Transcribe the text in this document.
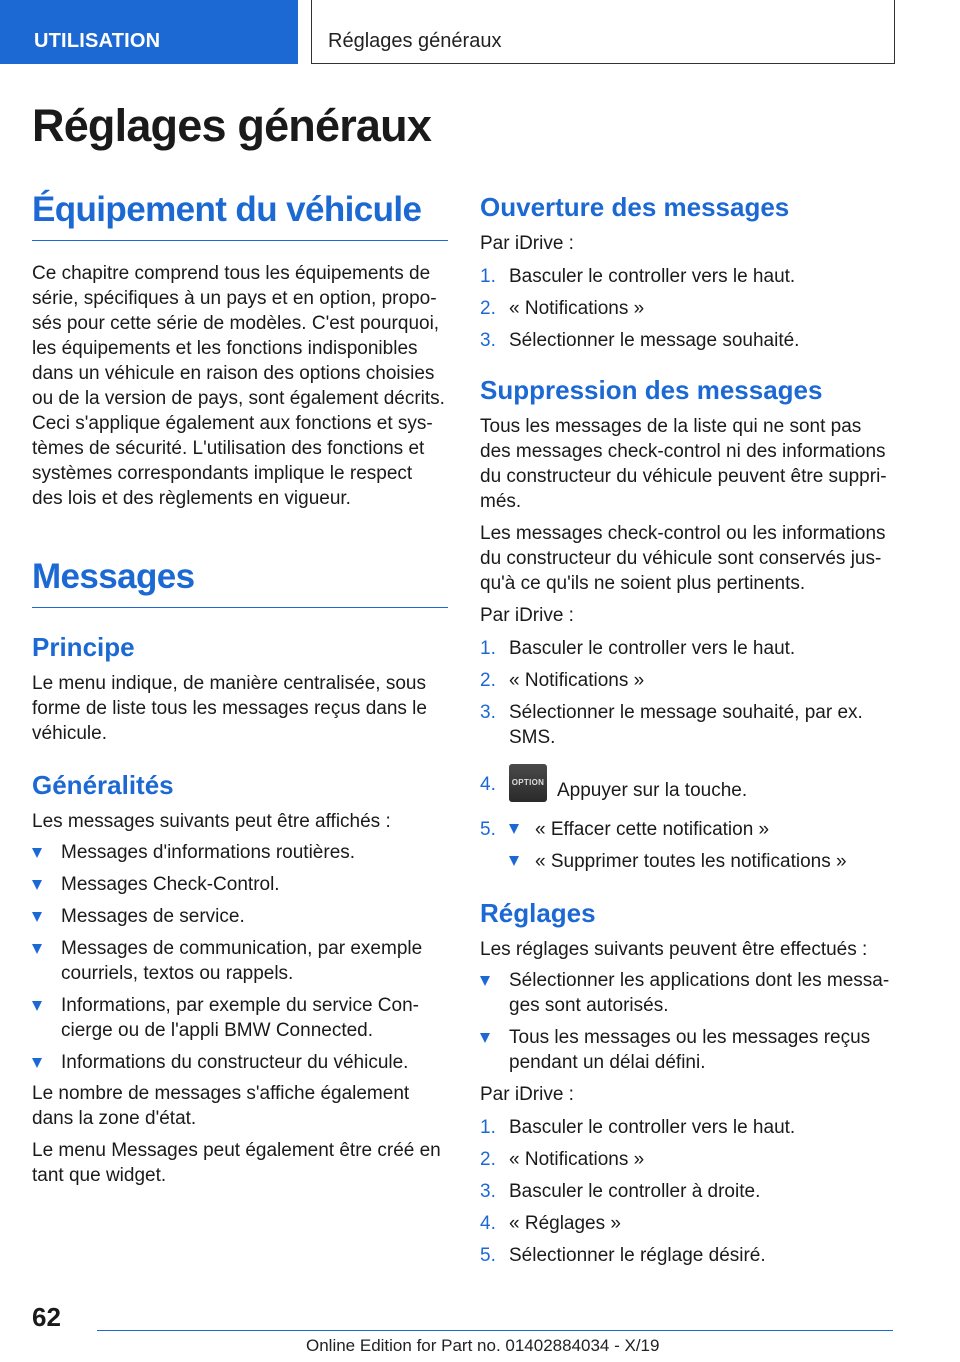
UTILISATION	Réglages généraux
Réglages généraux
Équipement du véhicule

Ce chapitre comprend tous les équipements de
série, spécifiques à un pays et en option, propo-
sés pour cette série de modèles. C'est pourquoi,
les équipements et les fonctions indisponibles
dans un véhicule en raison des options choisies
ou de la version de pays, sont également décrits.
Ceci s'applique également aux fonctions et sys-
tèmes de sécurité. L'utilisation des fonctions et
systèmes correspondants implique le respect
des lois et des règlements en vigueur.

Messages
Principe

Le menu indique, de manière centralisée, sous
forme de liste tous les messages reçus dans le
véhicule.

Généralités

Les messages suivants peut être affichés :

Messages d'informations routières.
Messages Check-Control.
Messages de service.
Messages de communication, par exemple
courriels, textos ou rappels.
Informations, par exemple du service Con-
cierge ou de l'appli BMW Connected.
Informations du constructeur du véhicule.

Le nombre de messages s'affiche également
dans la zone d'état.

Le menu Messages peut également être créé en
tant que widget.

Ouverture des messages

Par iDrive :

1. Basculer le controller vers le haut.
2. « Notifications »
3. Sélectionner le message souhaité.
Suppression des messages

Tous les messages de la liste qui ne sont pas
des messages check-control ni des informations
du constructeur du véhicule peuvent être suppri-
més.

Les messages check-control ou les informations
du constructeur du véhicule sont conservés jus-
qu'à ce qu'ils ne soient plus pertinents.

Par iDrive :

1. Basculer le controller vers le haut.
2. « Notifications »
3. Sélectionner le message souhaité, par ex.
SMS.
4. OPTION Appuyer sur la touche.
5. « Effacer cette notification »
« Supprimer toutes les notifications »
Réglages

Les réglages suivants peuvent être effectués :

Sélectionner les applications dont les messa-
ges sont autorisés.
Tous les messages ou les messages reçus
pendant un délai défini.

Par iDrive :

1. Basculer le controller vers le haut.
2. « Notifications »
3. Basculer le controller à droite.
4. « Réglages »
5. Sélectionner le réglage désiré.
62
Online Edition for Part no. 01402884034 - X/19
